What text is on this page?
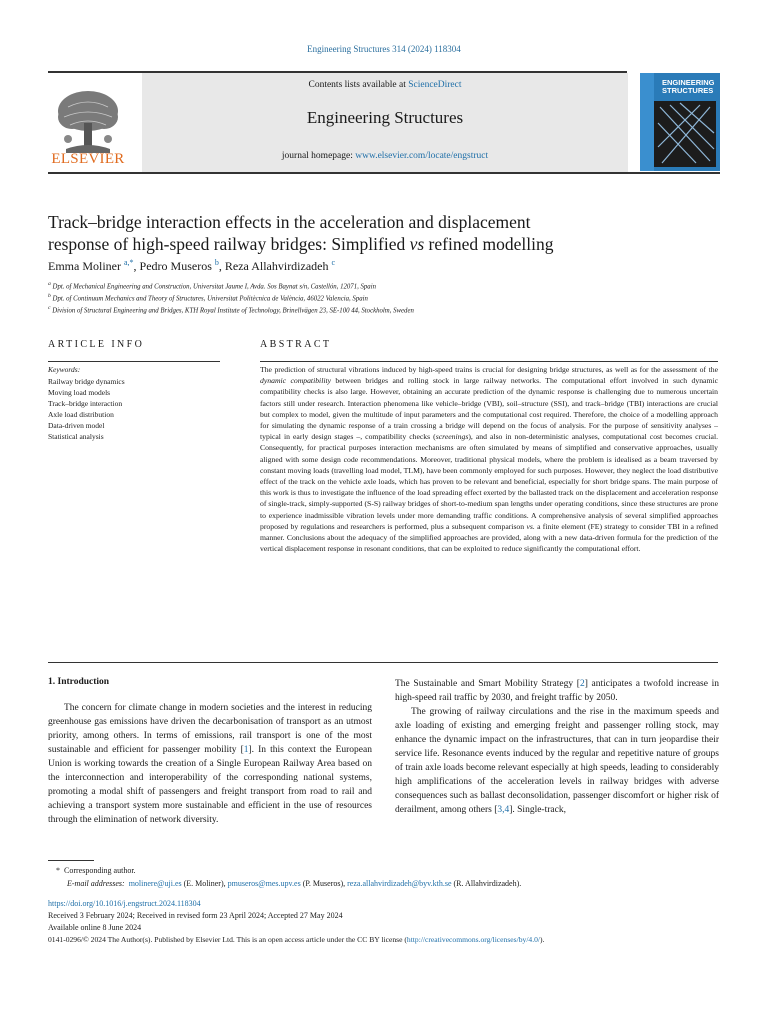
Engineering Structures 314 (2024) 118304
Contents lists available at ScienceDirect
Engineering Structures
journal homepage: www.elsevier.com/locate/engstruct
ELSEVIER
ENGINEERING
STRUCTURES
Track–bridge interaction effects in the acceleration and displacement
response of high-speed railway bridges: Simplified vs refined modelling
Emma Moliner $^{a,*}$, Pedro Museros $^b$, Reza Allahvirdizadeh $^c$
$^a$ Dpt. of Mechanical Engineering and Construction, Universitat Jaume I, Avda. Sos Baynat s/n, Castellón, 12071, Spain
$^b$ Dpt. of Continuum Mechanics and Theory of Structures, Universitat Politècnica de València, 46022 Valencia, Spain
$^c$ Division of Structural Engineering and Bridges, KTH Royal Institute of Technology, Brinellvägen 23, SE-100 44, Stockholm, Sweden
ARTICLE INFO
Keywords:
Railway bridge dynamics
Moving load models
Track–bridge interaction
Axle load distribution
Data-driven model
Statistical analysis
ABSTRACT
The prediction of structural vibrations induced by high-speed trains is crucial for designing bridge structures, as well as for the assessment of the dynamic compatibility between bridges and rolling stock in large railway networks. The computational effort involved in such dynamic compatibility checks is also large. However, obtaining an accurate prediction of the dynamic response is challenging due to numerous uncertain factors still under research. Interaction phenomena like vehicle–bridge (VBI), soil–structure (SSI), and track–bridge (TBI) interactions are crucial but complex to model, given the multitude of input parameters and the computational cost required. Therefore, the choice of a modelling approach for simulating the dynamic response of a train crossing a bridge will depend on the focus of analysis. For the purpose of sensitivity analyses – typical in early design stages –, compatibility checks (screenings), and also in non-deterministic analyses, computational cost becomes crucial. Consequently, for practical purposes interaction mechanisms are often simulated by means of simplified and conservative approaches, usually aligned with some design code recommendations. Moreover, traditional physical models, where the problem is idealised as a beam traversed by constant moving loads (travelling load model, TLM), have been commonly employed for such purposes. However, they neglect the load distributive effect of the track on the vehicle axle loads, which has proven to be relevant and beneficial, especially for short bridge spans. The main purpose of this work is thus to investigate the influence of the load spreading effect exerted by the ballasted track on the displacement and acceleration response of single-track, simply-supported (S-S) railway bridges of short-to-medium span lengths under operating conditions, since these structures are prone to experience inadmissible vibration levels under more demanding traffic conditions. A comprehensive analysis of several simplified approaches proposed by regulations and researchers is performed, plus a subsequent comparison vs. a finite element (FE) strategy to consider TBI in a refined manner. Conclusions about the adequacy of the simplified approaches are provided, along with a new data-driven formula for the prediction of the vertical displacement response in resonant conditions, that can be exploited to reduce significantly the computational effort.
1. Introduction
The concern for climate change in modern societies and the interest in reducing greenhouse gas emissions have driven the decarbonisation of transport as an utmost priority, among others. In terms of emissions, rail transport is one of the most sustainable and efficient for passenger mobility [1]. In this context the European Union is working towards the creation of a Single European Railway Area based on the interconnection and interoperability of the corresponding national systems, promoting a modal shift of passengers and freight transport from road to rail and achieving a transport system more sustainable and efficient in the use of resources through the elimination of network diversity.
The Sustainable and Smart Mobility Strategy [2] anticipates a twofold increase in high-speed rail traffic by 2030, and freight traffic by 2050.
The growing of railway circulations and the rise in the maximum speeds and axle loading of existing and emerging freight and passenger rolling stock, may enhance the dynamic impact on the infrastructures, that can in turn jeopardise their service life. Resonance events induced by the regular and repetitive nature of groups of train axle loads become relevant especially at high speeds, leading to considerably high amplifications of the acceleration levels in railway bridges with adverse consequences such as ballast deconsolidation, passenger discomfort or higher risk of derailment, among others [3,4]. Single-track,
* Corresponding author.
E-mail addresses: molinere@uji.es (E. Moliner), pmuseros@mes.upv.es (P. Museros), reza.allahvirdizadeh@byv.kth.se (R. Allahvirdizadeh).
https://doi.org/10.1016/j.engstruct.2024.118304
Received 3 February 2024; Received in revised form 23 April 2024; Accepted 27 May 2024
Available online 8 June 2024
0141-0296/© 2024 The Author(s). Published by Elsevier Ltd. This is an open access article under the CC BY license (http://creativecommons.org/licenses/by/4.0/).
